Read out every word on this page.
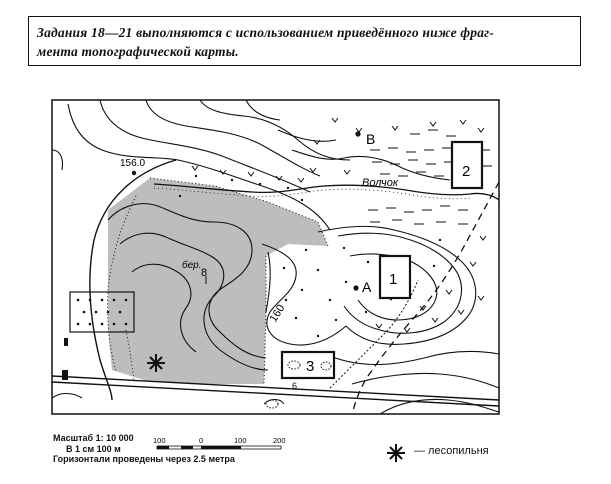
Задания 18—21 выполняются с использованием приведённого ниже фраг-
мента топографической карты.
156.0
160
бер.
8
Волчок
A
B
1
2
3
6
100	0	100	200
Масштаб 1: 10 000
В 1 см 100 м
Горизонтали проведены через 2.5 метра
— лесопильня
